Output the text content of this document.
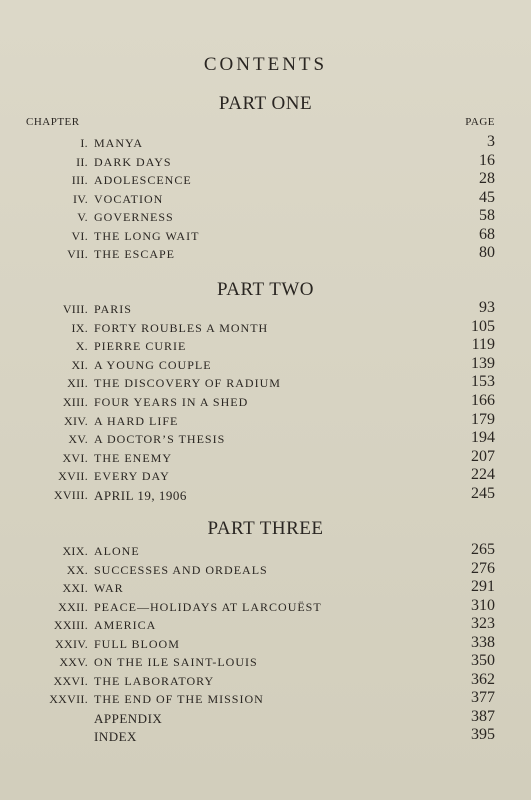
CONTENTS
PART ONE
CHAPTER	PAGE
I. MANYA	3
II. DARK DAYS	16
III. ADOLESCENCE	28
IV. VOCATION	45
V. GOVERNESS	58
VI. THE LONG WAIT	68
VII. THE ESCAPE	80
PART TWO
VIII. PARIS	93
IX. FORTY ROUBLES A MONTH	105
X. PIERRE CURIE	119
XI. A YOUNG COUPLE	139
XII. THE DISCOVERY OF RADIUM	153
XIII. FOUR YEARS IN A SHED	166
XIV. A HARD LIFE	179
XV. A DOCTOR’S THESIS	194
XVI. THE ENEMY	207
XVII. EVERY DAY	224
XVIII. APRIL 19, 1906	245
PART THREE
XIX. ALONE	265
XX. SUCCESSES AND ORDEALS	276
XXI. WAR	291
XXII. PEACE—HOLIDAYS AT LARCOUËST	310
XXIII. AMERICA	323
XXIV. FULL BLOOM	338
XXV. ON THE ILE SAINT-LOUIS	350
XXVI. THE LABORATORY	362
XXVII. THE END OF THE MISSION	377
APPENDIX	387
INDEX	395
